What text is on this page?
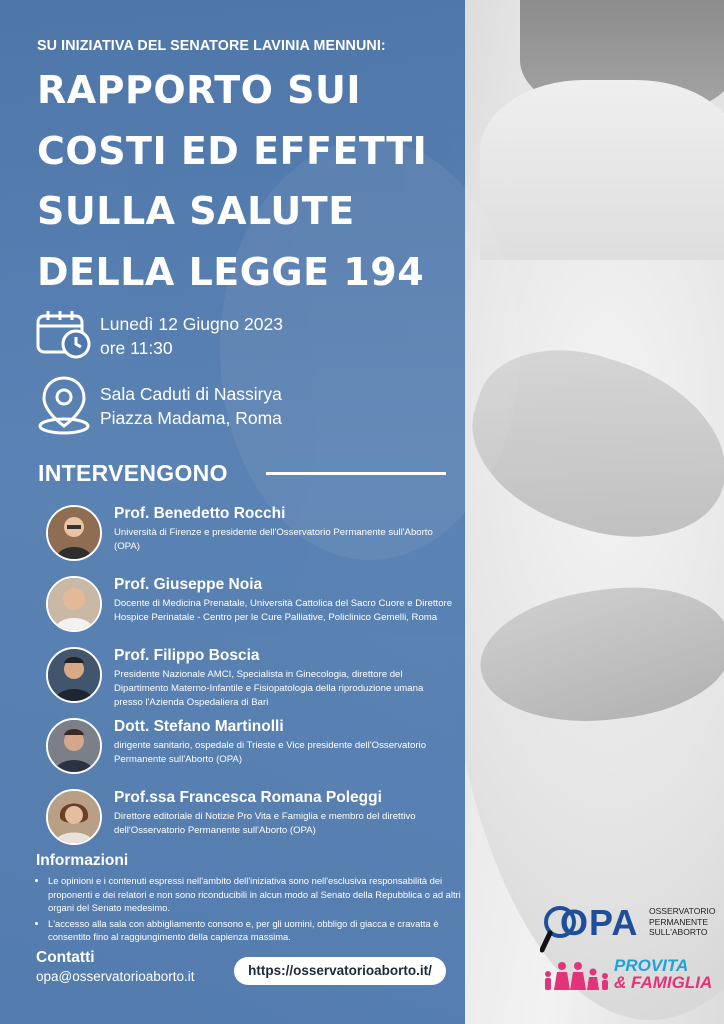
SU INIZIATIVA DEL SENATORE LAVINIA MENNUNI:
RAPPORTO SUI
COSTI ED EFFETTI
SULLA SALUTE
DELLA LEGGE 194
Lunedì 12 Giugno 2023
ore 11:30
Sala Caduti di Nassirya
Piazza Madama, Roma
INTERVENGONO
Prof. Benedetto Rocchi
Università di Firenze e presidente dell'Osservatorio Permanente sull'Aborto (OPA)
Prof. Giuseppe Noia
Docente di Medicina Prenatale, Università Cattolica del Sacro Cuore e Direttore Hospice Perinatale - Centro per le Cure Palliative, Policlinico Gemelli, Roma
Prof. Filippo Boscia
Presidente Nazionale AMCI, Specialista in Ginecologia, direttore del Dipartimento Materno-Infantile e Fisiopatologia della riproduzione umana presso l'Azienda Ospedaliera di Bari
Dott. Stefano Martinolli
dirigente sanitario, ospedale di Trieste e Vice presidente dell'Osservatorio Permanente sull'Aborto (OPA)
Prof.ssa Francesca Romana Poleggi
Direttore editoriale di Notizie Pro Vita e Famiglia e membro del direttivo dell'Osservatorio Permanente sull'Aborto (OPA)
Informazioni
• Le opinioni e i contenuti espressi nell'ambito dell'iniziativa sono nell'esclusiva responsabilità dei proponenti e dei relatori e non sono riconducibili in alcun modo al Senato della Repubblica o ad altri organi del Senato medesimo.
• L'accesso alla sala con abbigliamento consono e, per gli uomini, obbligo di giacca e cravatta è consentito fino al raggiungimento della capienza massima.
Contatti
opa@osservatorioaborto.it	https://osservatorioaborto.it/
OPA OSSERVATORIO
PERMANENTE
SULL'ABORTO
PROVITA
& FAMIGLIA
